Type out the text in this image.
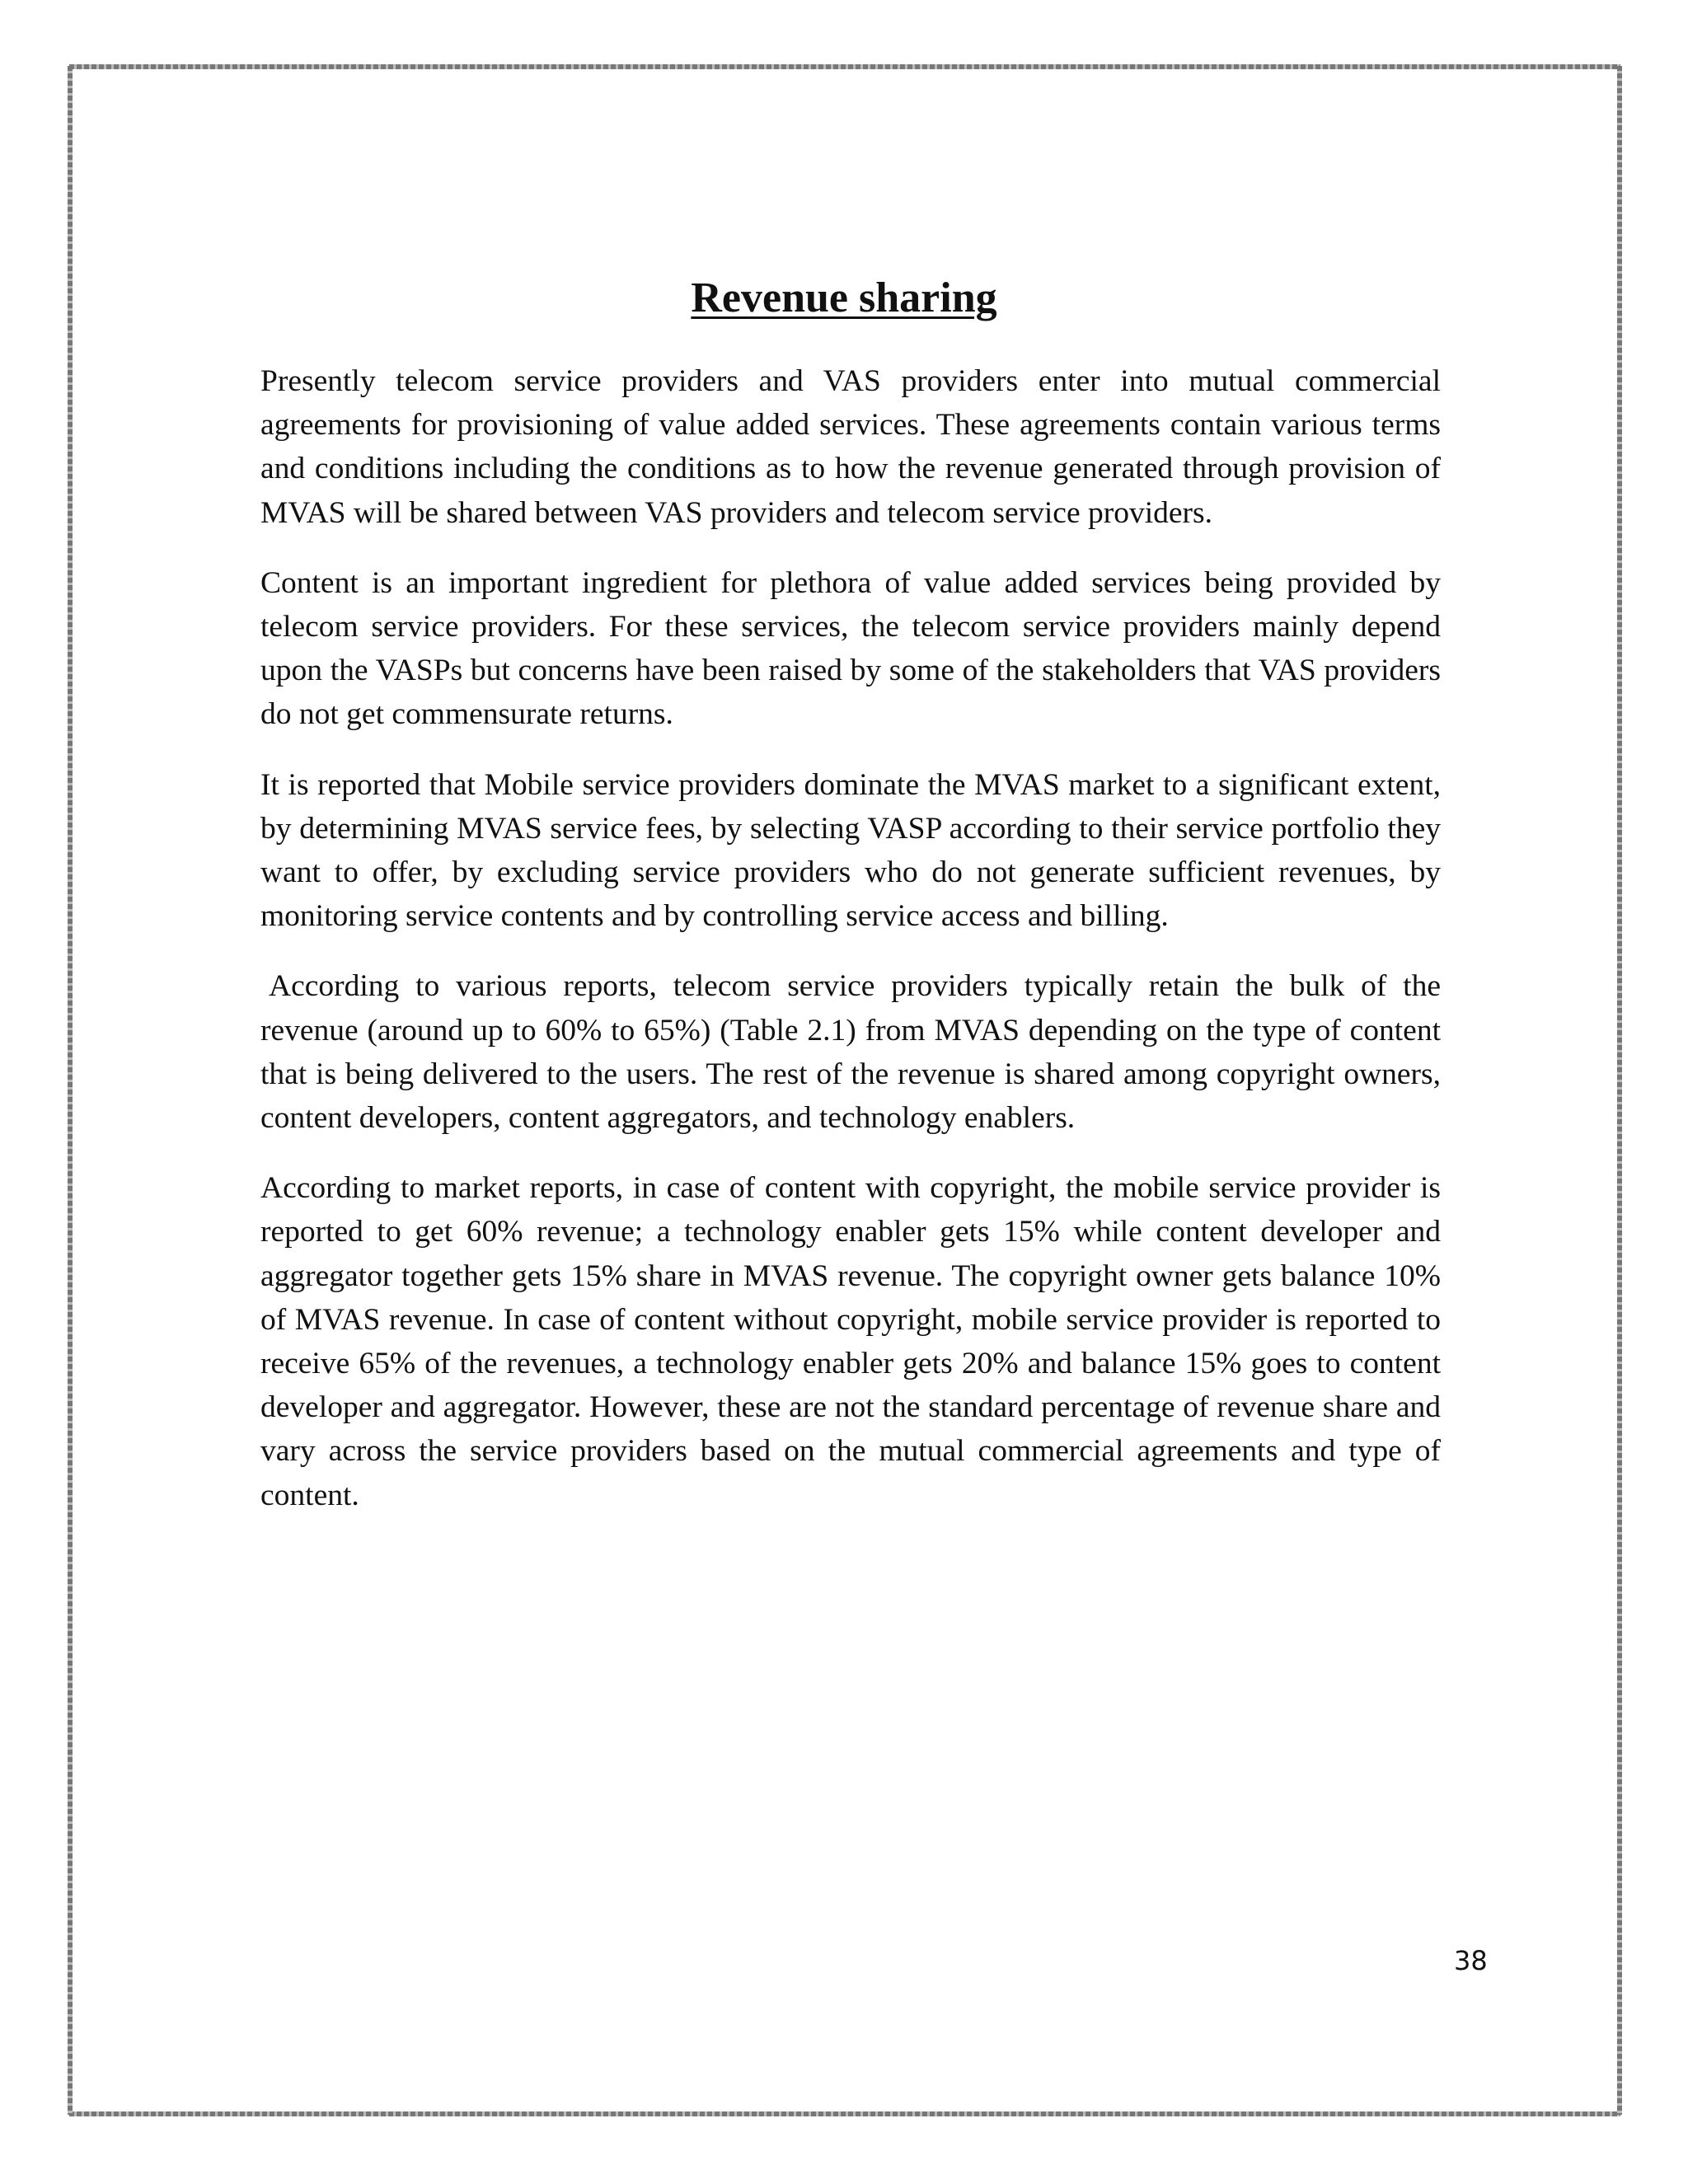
Revenue sharing

Presently telecom service providers and VAS providers enter into mutual commercial agreements for provisioning of value added services. These agreements contain various terms and conditions including the conditions as to how the revenue generated through provision of MVAS will be shared between VAS providers and telecom service providers.

Content is an important ingredient for plethora of value added services being provided by telecom service providers. For these services, the telecom service providers mainly depend upon the VASPs but concerns have been raised by some of the stakeholders that VAS providers do not get commensurate returns.

It is reported that Mobile service providers dominate the MVAS market to a significant extent, by determining MVAS service fees, by selecting VASP according to their service portfolio they want to offer, by excluding service providers who do not generate sufficient revenues, by monitoring service contents and by controlling service access and billing.

According to various reports, telecom service providers typically retain the bulk of the revenue (around up to 60% to 65%) (Table 2.1) from MVAS depending on the type of content that is being delivered to the users. The rest of the revenue is shared among copyright owners, content developers, content aggregators, and technology enablers.

According to market reports, in case of content with copyright, the mobile service provider is reported to get 60% revenue; a technology enabler gets 15% while content developer and aggregator together gets 15% share in MVAS revenue. The copyright owner gets balance 10% of MVAS revenue. In case of content without copyright, mobile service provider is reported to receive 65% of the revenues, a technology enabler gets 20% and balance 15% goes to content developer and aggregator. However, these are not the standard percentage of revenue share and vary across the service providers based on the mutual commercial agreements and type of content.

38
